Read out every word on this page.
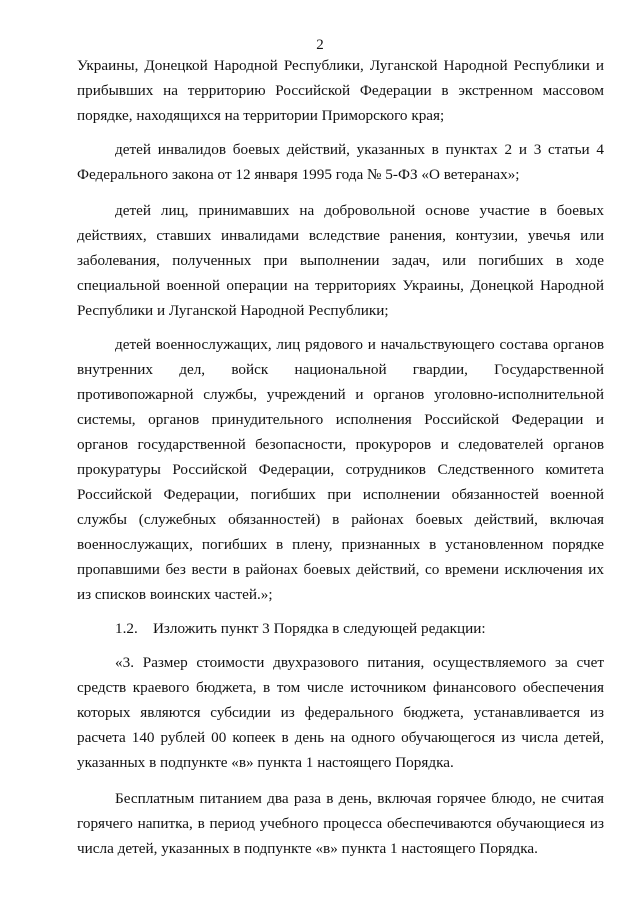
2

Украины, Донецкой Народной Республики, Луганской Народной Республики и прибывших на территорию Российской Федерации в экстренном массовом порядке, находящихся на территории Приморского края;

детей инвалидов боевых действий, указанных в пунктах 2 и 3 статьи 4 Федерального закона от 12 января 1995 года № 5-ФЗ «О ветеранах»;

детей лиц, принимавших на добровольной основе участие в боевых действиях, ставших инвалидами вследствие ранения, контузии, увечья или заболевания, полученных при выполнении задач, или погибших в ходе специальной военной операции на территориях Украины, Донецкой Народной Республики и Луганской Народной Республики;

детей военнослужащих, лиц рядового и начальствующего состава органов внутренних дел, войск национальной гвардии, Государственной противопожарной службы, учреждений и органов уголовно-исполнительной системы, органов принудительного исполнения Российской Федерации и органов государственной безопасности, прокуроров и следователей органов прокуратуры Российской Федерации, сотрудников Следственного комитета Российской Федерации, погибших при исполнении обязанностей военной службы (служебных обязанностей) в районах боевых действий, включая военнослужащих, погибших в плену, признанных в установленном порядке пропавшими без вести в районах боевых действий, со времени исключения их из списков воинских частей.»;

1.2.    Изложить пункт 3 Порядка в следующей редакции:

«3. Размер стоимости двухразового питания, осуществляемого за счет средств краевого бюджета, в том числе источником финансового обеспечения которых являются субсидии из федерального бюджета, устанавливается из расчета 140 рублей 00 копеек в день на одного обучающегося из числа детей, указанных в подпункте «в» пункта 1 настоящего Порядка.

Бесплатным питанием два раза в день, включая горячее блюдо, не считая горячего напитка, в период учебного процесса обеспечиваются обучающиеся из числа детей, указанных в подпункте «в» пункта 1 настоящего Порядка.
